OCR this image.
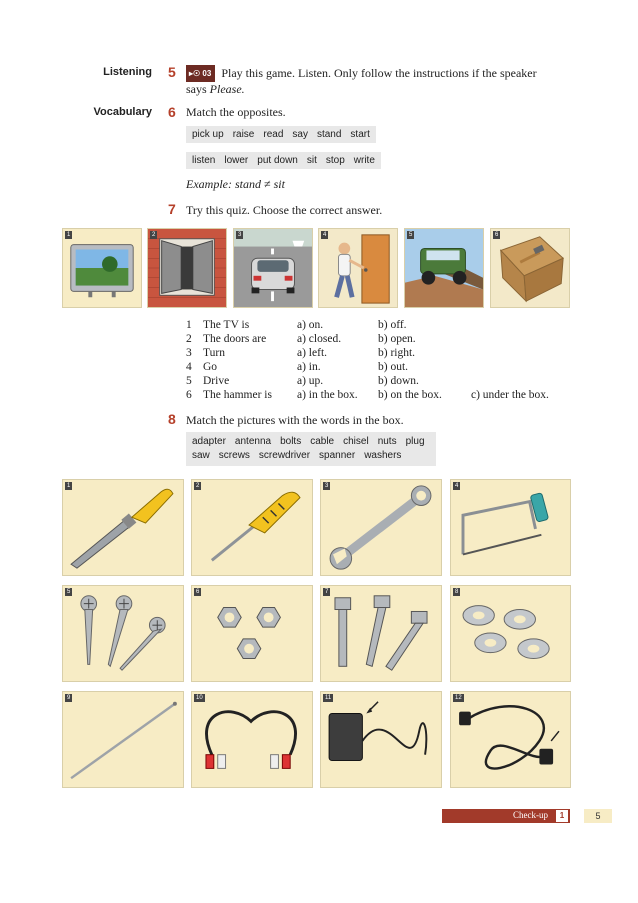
Listening 5	▸☉ 03 Play this game. Listen. Only follow the instructions if the speaker
says Please.
Vocabulary 6 Match the opposites.
pick up raise read say stand start
listen lower put down sit stop write
Example: stand ≠ sit
7 Try this quiz. Choose the correct answer.
1	2	3	4	5	6
1 The TV is	a) on.	b) off.
2 The doors are	a) closed.	b) open.
3 Turn	a) left.	b) right.
4 Go	a) in.	b) out.
5 Drive	a) up.	b) down.
6 The hammer is a) in the box. b) on the box.	c) under the box.
8 Match the pictures with the words in the box.
adapter antenna bolts cable chisel nuts plug
saw screws screwdriver spanner washers
1	2	3	4
5	6	7	8
9	10	11	12
Check-up	1	5
